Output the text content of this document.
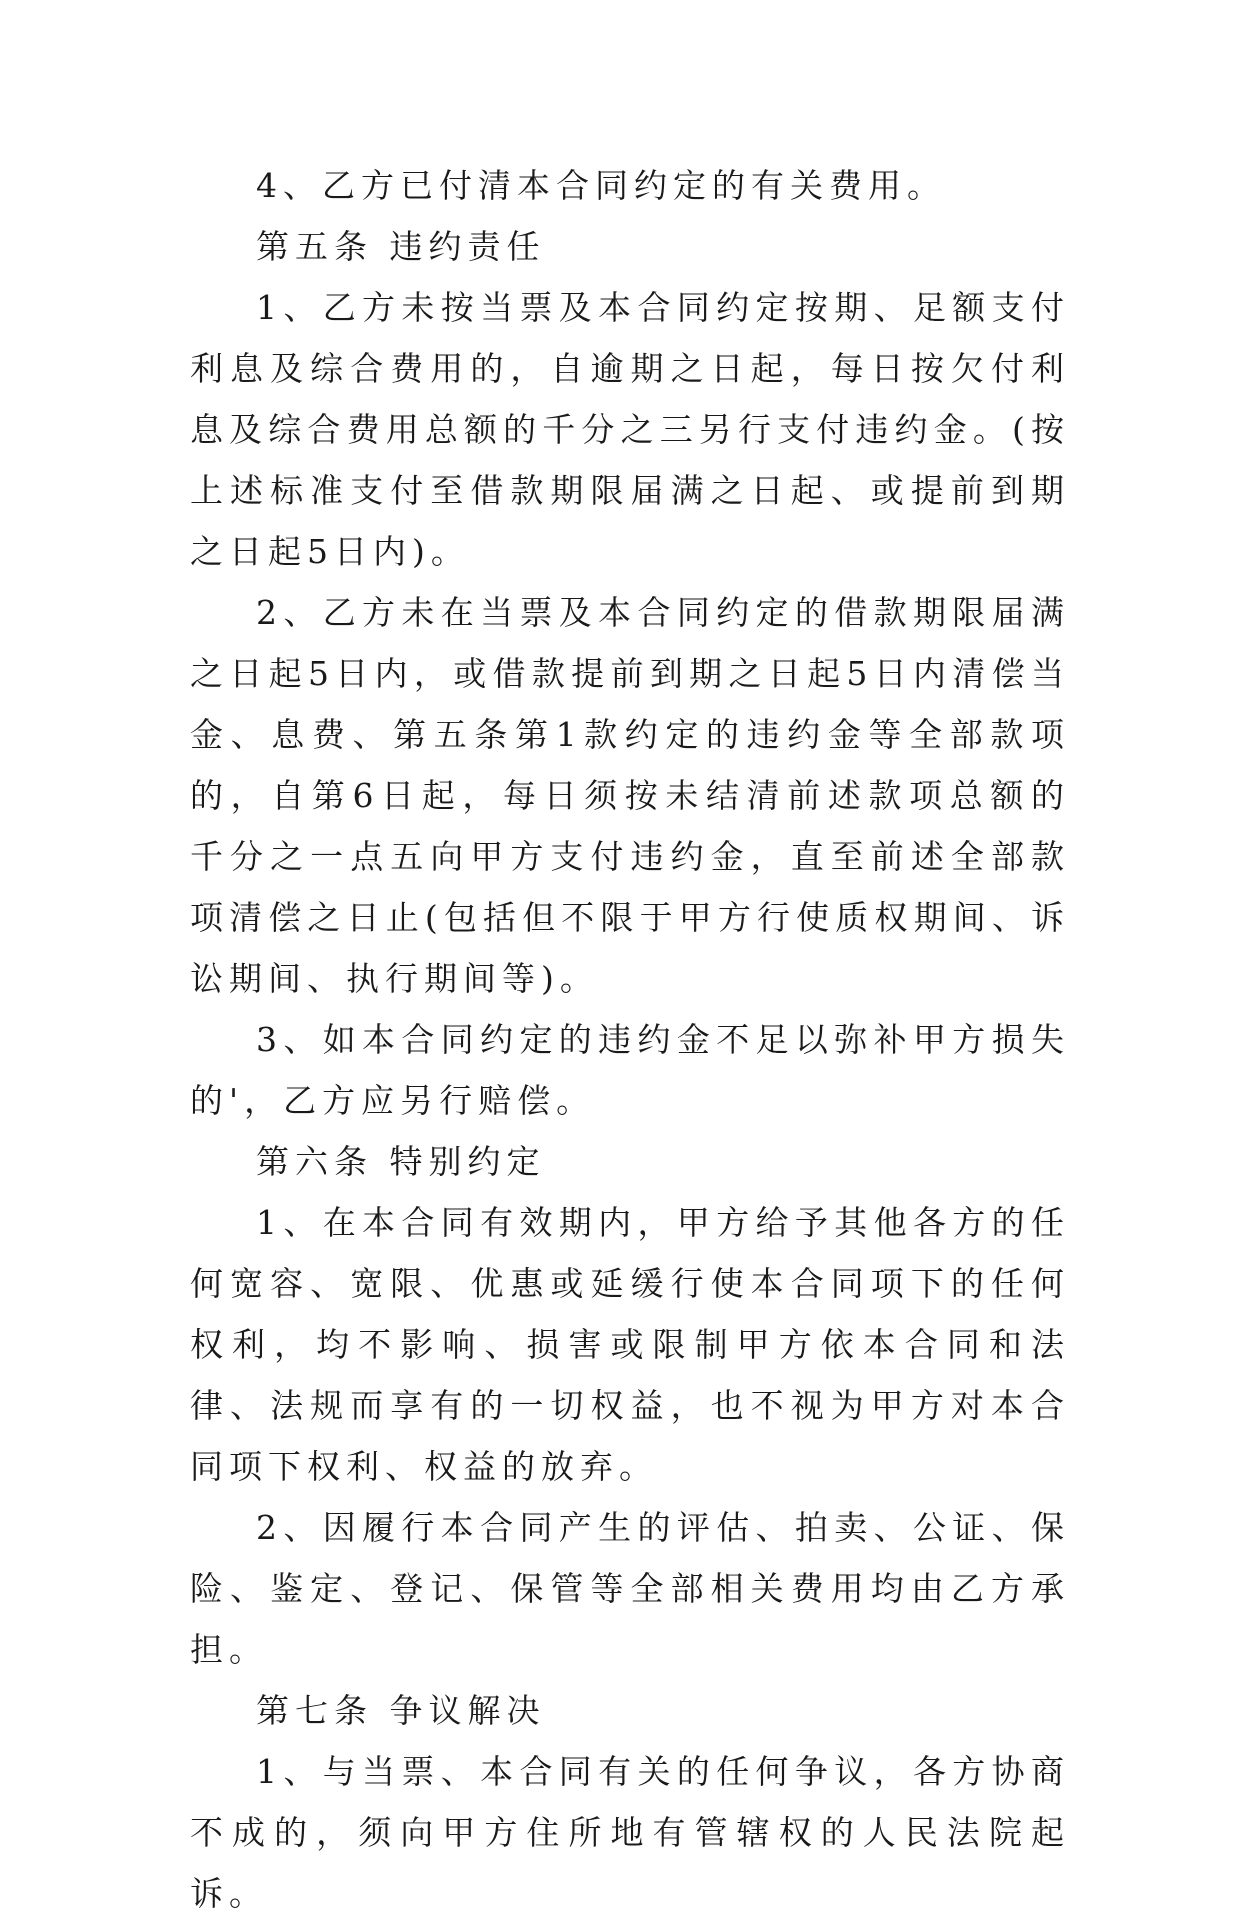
4、乙方已付清本合同约定的有关费用。

第五条 违约责任

1、乙方未按当票及本合同约定按期、足额支付利息及综合费用的，自逾期之日起，每日按欠付利息及综合费用总额的千分之三另行支付违约金。(按上述标准支付至借款期限届满之日起、或提前到期之日起5日内)。

2、乙方未在当票及本合同约定的借款期限届满之日起5日内，或借款提前到期之日起5日内清偿当金、息费、第五条第1款约定的违约金等全部款项的，自第6日起，每日须按未结清前述款项总额的千分之一点五向甲方支付违约金，直至前述全部款项清偿之日止(包括但不限于甲方行使质权期间、诉讼期间、执行期间等)。

3、如本合同约定的违约金不足以弥补甲方损失的'，乙方应另行赔偿。

第六条 特别约定

1、在本合同有效期内，甲方给予其他各方的任何宽容、宽限、优惠或延缓行使本合同项下的任何权利，均不影响、损害或限制甲方依本合同和法律、法规而享有的一切权益，也不视为甲方对本合同项下权利、权益的放弃。

2、因履行本合同产生的评估、拍卖、公证、保险、鉴定、登记、保管等全部相关费用均由乙方承担。

第七条 争议解决

1、与当票、本合同有关的任何争议，各方协商不成的，须向甲方住所地有管辖权的人民法院起诉。
